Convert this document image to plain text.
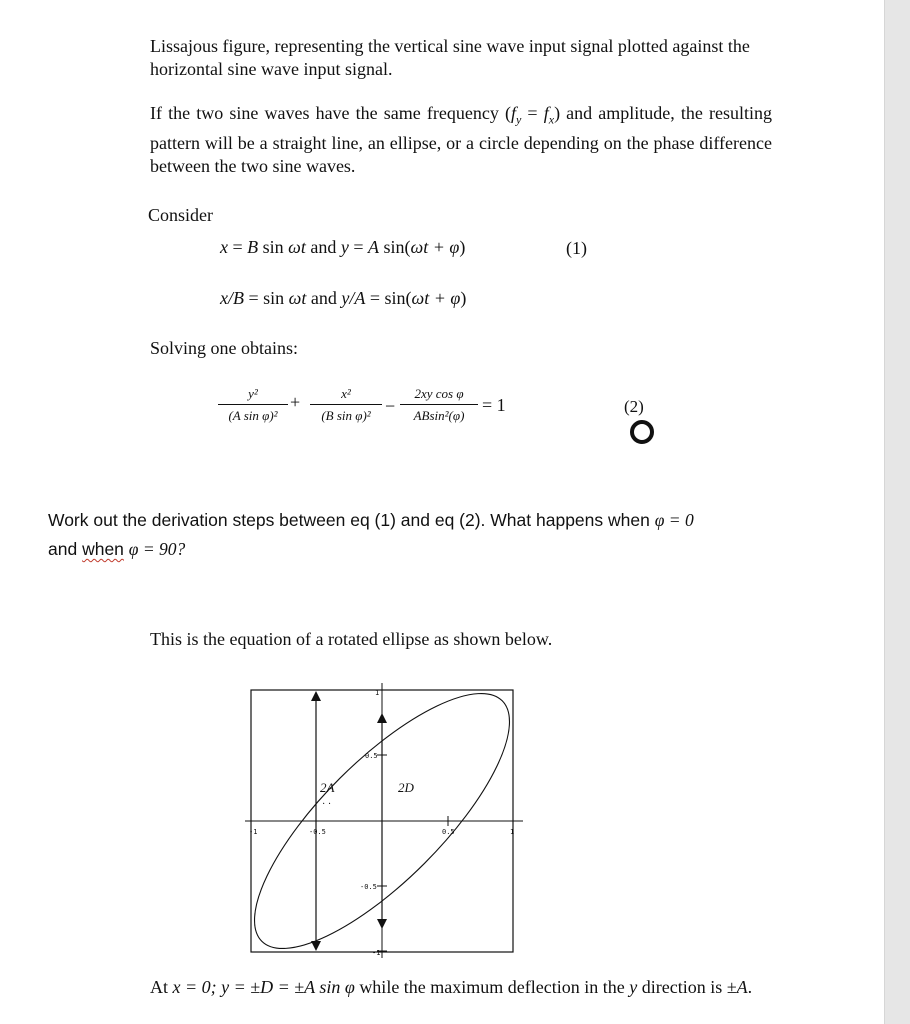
Lissajous figure, representing the vertical sine wave input signal plotted against the horizontal sine wave input signal.
If the two sine waves have the same frequency $(f_y = f_x)$ and amplitude, the resulting pattern will be a straight line, an ellipse, or a circle depending on the phase difference between the two sine waves.
Consider
x = B sin ωt and y = A sin(ωt + φ)	(1)
x/B = sin ωt and y/A = sin(ωt + φ)
Solving one obtains:
y²
(A sin φ)²
+	x²
(B sin φ)² −
2xy cos φ
ABsin²(φ)
= 1	(2)
Work out the derivation steps between eq (1) and eq (2). What happens when φ = 0
and when φ = 90?
This is the equation of a rotated ellipse as shown below.
2A
· ·
2D
1
0.5
-0.5
-1
-1	-0.5	0.5	1
At x = 0; y = ±D = ±A sin φ while the maximum deflection in the y direction is ±A.
